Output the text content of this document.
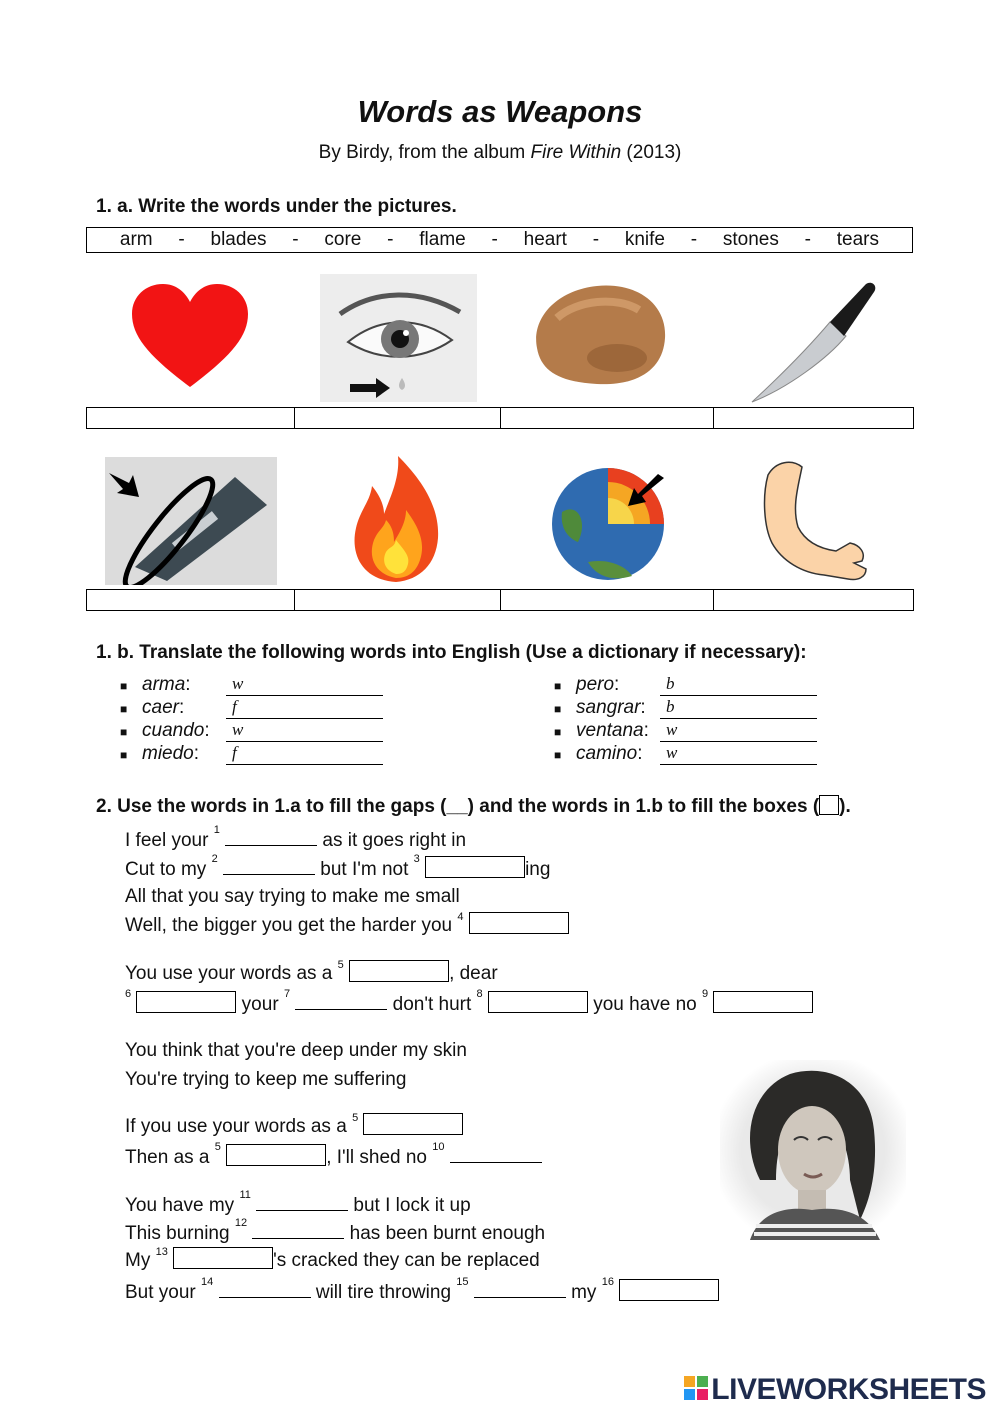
Words as Weapons
By Birdy, from the album Fire Within (2013)
1. a. Write the words under the pictures.
arm - blades - core - flame - heart - knife - stones - tears
1. b. Translate the following words into English (Use a dictionary if necessary):
■ arma :	w
■ caer :	f
■ cuando :	w
■ miedo :	f
■ pero :	b
■ sangrar :	b
■ ventana :	w
■ camino :	w
2. Use the words in 1.a to fill the gaps (__) and the words in 1.b to fill the boxes ( ).
I feel your $^1$	as it goes right in
Cut to my $^2$	but I'm not $^3$	ing
All that you say trying to make me small
Well, the bigger you get the harder you $^4$
You use your words as a $^5$	, dear
$^6$	your $^7$	don't hurt $^8$	you have no $^9$
You think that you're deep under my skin
You're trying to keep me suffering
If you use your words as a $^5$
Then as a $^5$	, I'll shed no $^{10}$
You have my $^{11}$	but I lock it up
This burning $^{12}$	has been burnt enough
My $^{13}$	's cracked they can be replaced
But your $^{14}$	will tire throwing $^{15}$	my $^{16}$
LIVEWORKSHEETS
